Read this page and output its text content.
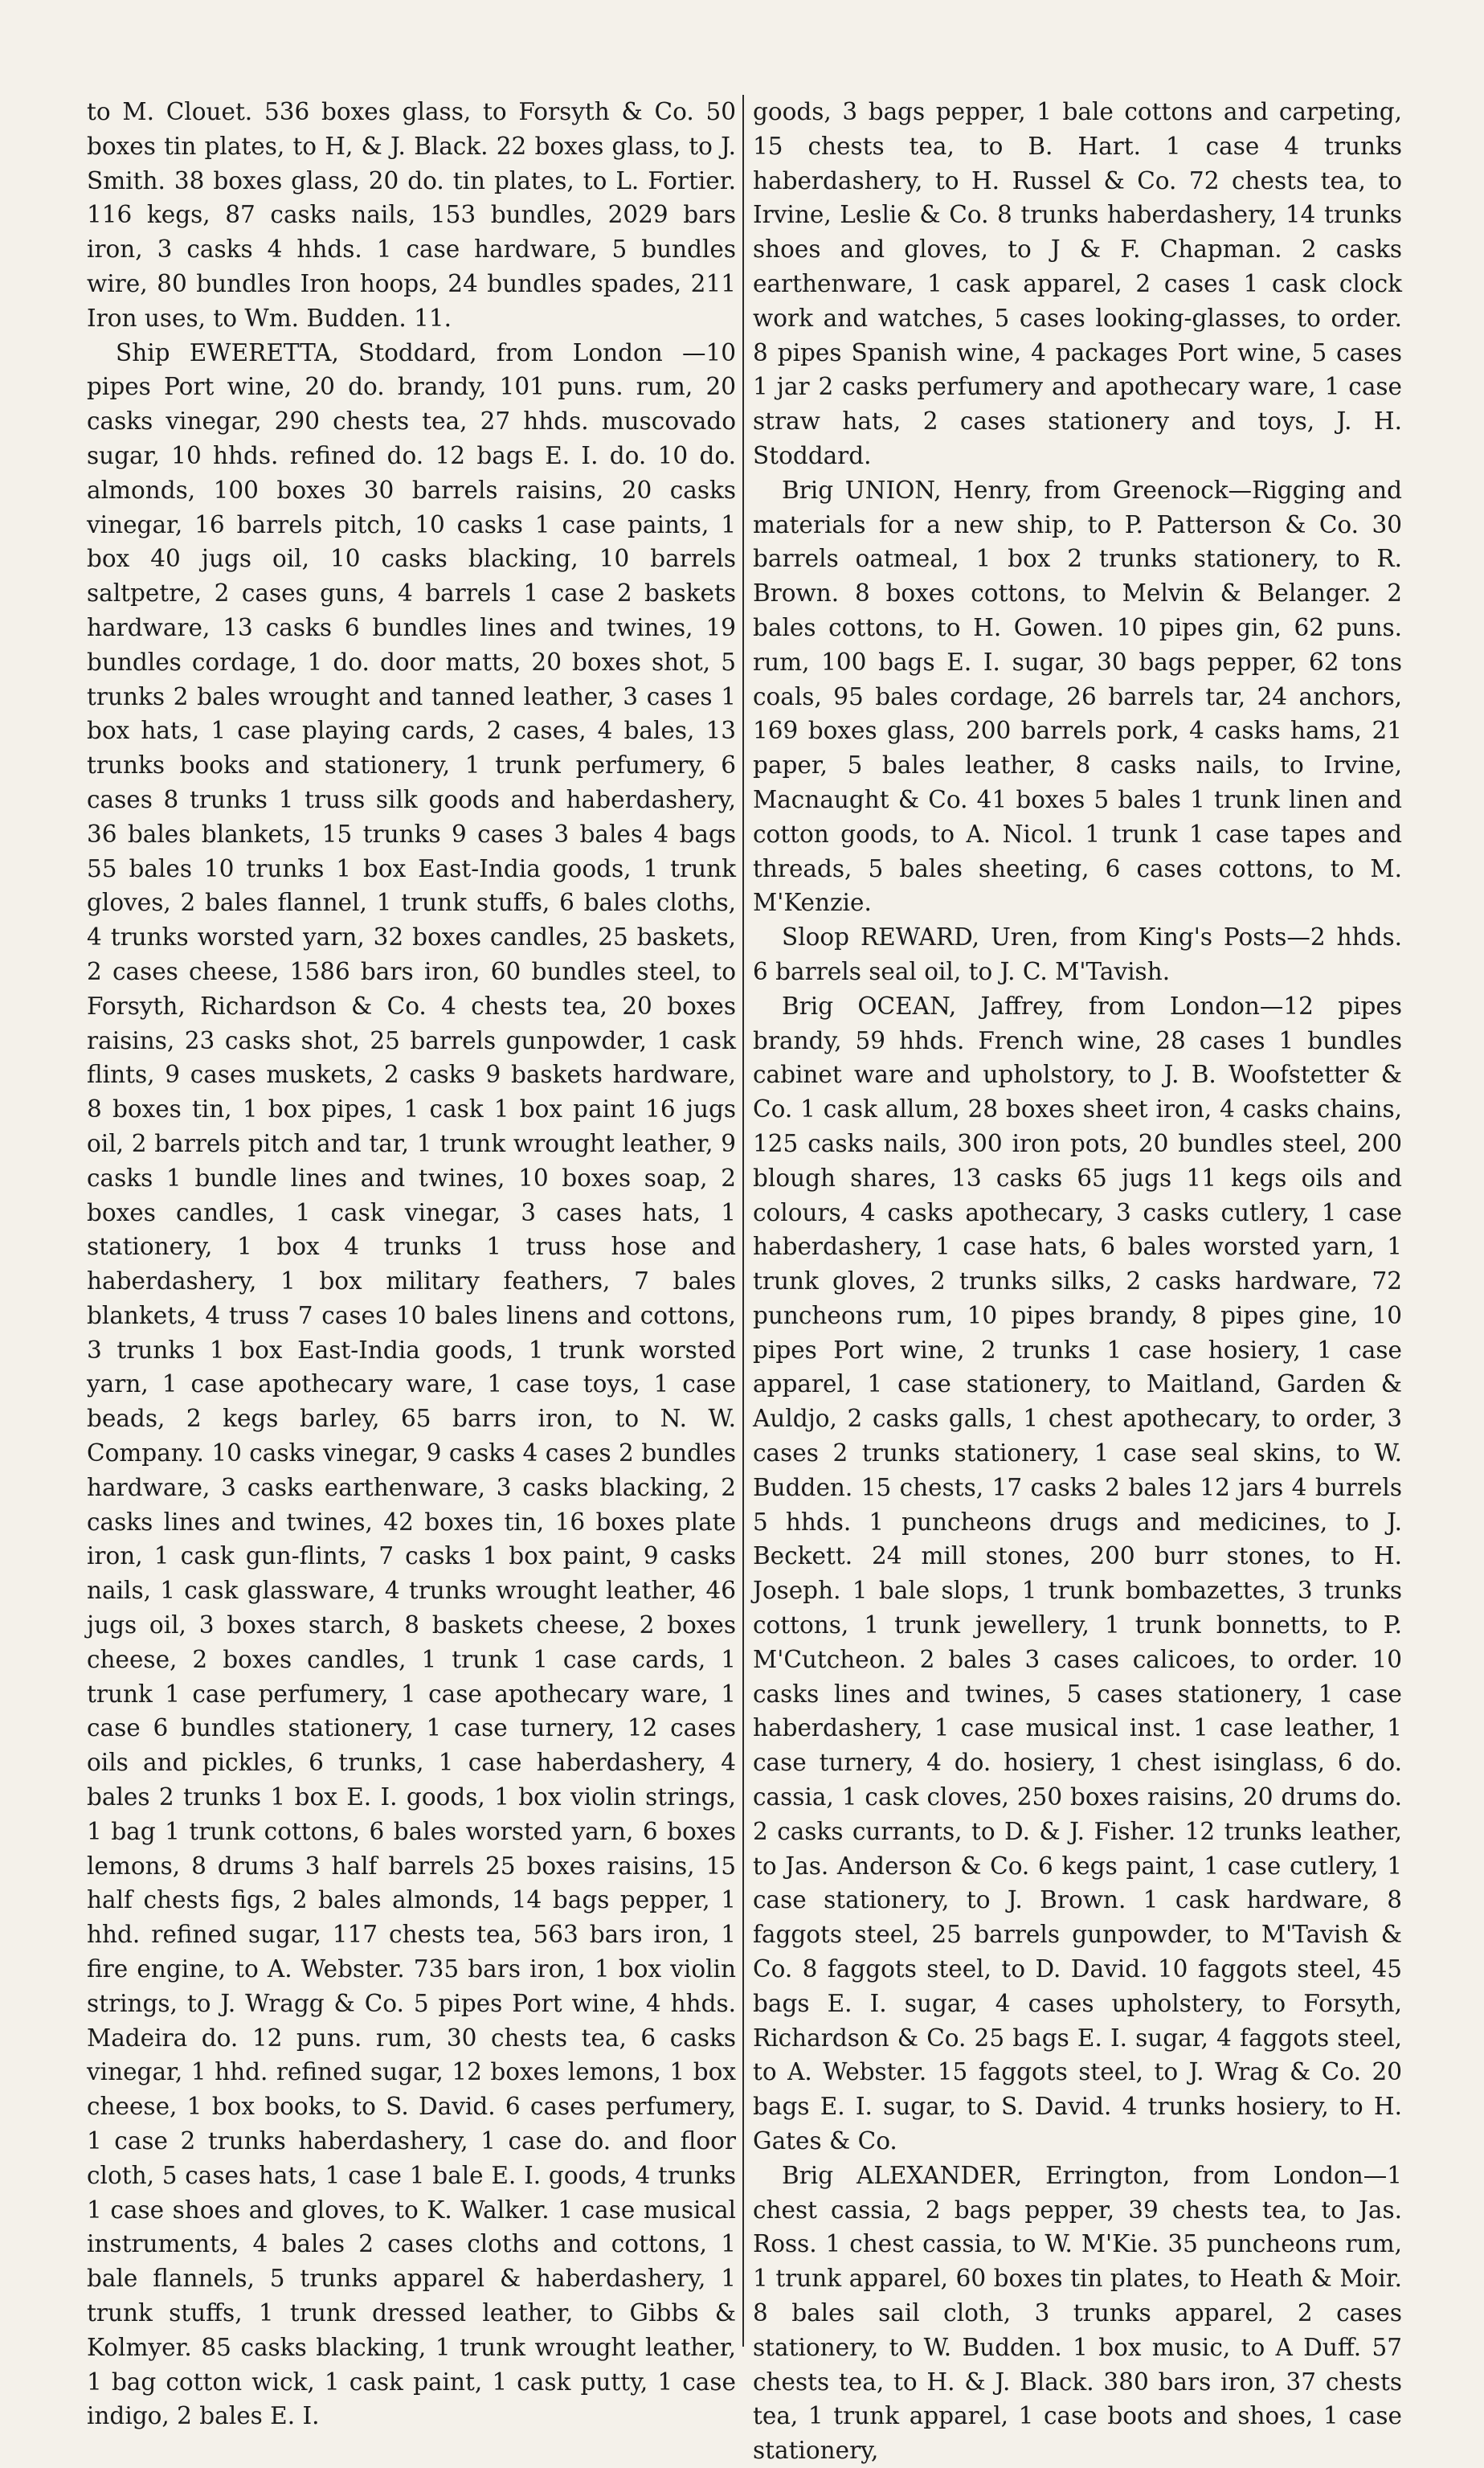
to M. Clouet. 536 boxes glass, to Forsyth & Co. 50 boxes tin plates, to H, & J. Black. 22 boxes glass, to J. Smith. 38 boxes glass, 20 do. tin plates, to L. Fortier. 116 kegs, 87 casks nails, 153 bundles, 2029 bars iron, 3 casks 4 hhds. 1 case hardware, 5 bundles wire, 80 bundles Iron hoops, 24 bundles spades, 211 Iron uses, to Wm. Budden. 11.

Ship EWERETTA, Stoddard, from London —10 pipes Port wine, 20 do. brandy, 101 puns. rum, 20 casks vinegar, 290 chests tea, 27 hhds. muscovado sugar, 10 hhds. refined do. 12 bags E. I. do. 10 do. almonds, 100 boxes 30 barrels raisins, 20 casks vinegar, 16 barrels pitch, 10 casks 1 case paints, 1 box 40 jugs oil, 10 casks blacking, 10 barrels saltpetre, 2 cases guns, 4 barrels 1 case 2 baskets hardware, 13 casks 6 bundles lines and twines, 19 bundles cordage, 1 do. door matts, 20 boxes shot, 5 trunks 2 bales wrought and tanned leather, 3 cases 1 box hats, 1 case playing cards, 2 cases, 4 bales, 13 trunks books and stationery, 1 trunk perfumery, 6 cases 8 trunks 1 truss silk goods and haberdashery, 36 bales blankets, 15 trunks 9 cases 3 bales 4 bags 55 bales 10 trunks 1 box East-India goods, 1 trunk gloves, 2 bales flannel, 1 trunk stuffs, 6 bales cloths, 4 trunks worsted yarn, 32 boxes candles, 25 baskets, 2 cases cheese, 1586 bars iron, 60 bundles steel, to Forsyth, Richardson & Co. 4 chests tea, 20 boxes raisins, 23 casks shot, 25 barrels gunpowder, 1 cask flints, 9 cases muskets, 2 casks 9 baskets hardware, 8 boxes tin, 1 box pipes, 1 cask 1 box paint 16 jugs oil, 2 barrels pitch and tar, 1 trunk wrought leather, 9 casks 1 bundle lines and twines, 10 boxes soap, 2 boxes candles, 1 cask vinegar, 3 cases hats, 1 stationery, 1 box 4 trunks 1 truss hose and haberdashery, 1 box military feathers, 7 bales blankets, 4 truss 7 cases 10 bales linens and cottons, 3 trunks 1 box East-India goods, 1 trunk worsted yarn, 1 case apothecary ware, 1 case toys, 1 case beads, 2 kegs barley, 65 barrs iron, to N. W. Company. 10 casks vinegar, 9 casks 4 cases 2 bundles hardware, 3 casks earthenware, 3 casks blacking, 2 casks lines and twines, 42 boxes tin, 16 boxes plate iron, 1 cask gun-flints, 7 casks 1 box paint, 9 casks nails, 1 cask glassware, 4 trunks wrought leather, 46 jugs oil, 3 boxes starch, 8 baskets cheese, 2 boxes cheese, 2 boxes candles, 1 trunk 1 case cards, 1 trunk 1 case perfumery, 1 case apothecary ware, 1 case 6 bundles stationery, 1 case turnery, 12 cases oils and pickles, 6 trunks, 1 case haberdashery, 4 bales 2 trunks 1 box E. I. goods, 1 box violin strings, 1 bag 1 trunk cottons, 6 bales worsted yarn, 6 boxes lemons, 8 drums 3 half barrels 25 boxes raisins, 15 half chests figs, 2 bales almonds, 14 bags pepper, 1 hhd. refined sugar, 117 chests tea, 563 bars iron, 1 fire engine, to A. Webster. 735 bars iron, 1 box violin strings, to J. Wragg & Co. 5 pipes Port wine, 4 hhds. Madeira do. 12 puns. rum, 30 chests tea, 6 casks vinegar, 1 hhd. refined sugar, 12 boxes lemons, 1 box cheese, 1 box books, to S. David. 6 cases perfumery, 1 case 2 trunks haberdashery, 1 case do. and floor cloth, 5 cases hats, 1 case 1 bale E. I. goods, 4 trunks 1 case shoes and gloves, to K. Walker. 1 case musical instruments, 4 bales 2 cases cloths and cottons, 1 bale flannels, 5 trunks apparel & haberdashery, 1 trunk stuffs, 1 trunk dressed leather, to Gibbs & Kolmyer. 85 casks blacking, 1 trunk wrought leather, 1 bag cotton wick, 1 cask paint, 1 cask putty, 1 case indigo, 2 bales E. I.

goods, 3 bags pepper, 1 bale cottons and carpeting, 15 chests tea, to B. Hart. 1 case 4 trunks haberdashery, to H. Russel & Co. 72 chests tea, to Irvine, Leslie & Co. 8 trunks haberdashery, 14 trunks shoes and gloves, to J & F. Chapman. 2 casks earthenware, 1 cask apparel, 2 cases 1 cask clock work and watches, 5 cases looking-glasses, to order. 8 pipes Spanish wine, 4 packages Port wine, 5 cases 1 jar 2 casks perfumery and apothecary ware, 1 case straw hats, 2 cases stationery and toys, J. H. Stoddard.

Brig UNION, Henry, from Greenock—Rigging and materials for a new ship, to P. Patterson & Co. 30 barrels oatmeal, 1 box 2 trunks stationery, to R. Brown. 8 boxes cottons, to Melvin & Belanger. 2 bales cottons, to H. Gowen. 10 pipes gin, 62 puns. rum, 100 bags E. I. sugar, 30 bags pepper, 62 tons coals, 95 bales cordage, 26 barrels tar, 24 anchors, 169 boxes glass, 200 barrels pork, 4 casks hams, 21 paper, 5 bales leather, 8 casks nails, to Irvine, Macnaught & Co. 41 boxes 5 bales 1 trunk linen and cotton goods, to A. Nicol. 1 trunk 1 case tapes and threads, 5 bales sheeting, 6 cases cottons, to M. M'Kenzie.

Sloop REWARD, Uren, from King's Posts—2 hhds. 6 barrels seal oil, to J. C. M'Tavish.

Brig OCEAN, Jaffrey, from London—12 pipes brandy, 59 hhds. French wine, 28 cases 1 bundles cabinet ware and upholstory, to J. B. Woofstetter & Co. 1 cask allum, 28 boxes sheet iron, 4 casks chains, 125 casks nails, 300 iron pots, 20 bundles steel, 200 blough shares, 13 casks 65 jugs 11 kegs oils and colours, 4 casks apothecary, 3 casks cutlery, 1 case haberdashery, 1 case hats, 6 bales worsted yarn, 1 trunk gloves, 2 trunks silks, 2 casks hardware, 72 puncheons rum, 10 pipes brandy, 8 pipes gine, 10 pipes Port wine, 2 trunks 1 case hosiery, 1 case apparel, 1 case stationery, to Maitland, Garden & Auldjo, 2 casks galls, 1 chest apothecary, to order, 3 cases 2 trunks stationery, 1 case seal skins, to W. Budden. 15 chests, 17 casks 2 bales 12 jars 4 burrels 5 hhds. 1 puncheons drugs and medicines, to J. Beckett. 24 mill stones, 200 burr stones, to H. Joseph. 1 bale slops, 1 trunk bombazettes, 3 trunks cottons, 1 trunk jewellery, 1 trunk bonnetts, to P. M'Cutcheon. 2 bales 3 cases calicoes, to order. 10 casks lines and twines, 5 cases stationery, 1 case haberdashery, 1 case musical inst. 1 case leather, 1 case turnery, 4 do. hosiery, 1 chest isinglass, 6 do. cassia, 1 cask cloves, 250 boxes raisins, 20 drums do. 2 casks currants, to D. & J. Fisher. 12 trunks leather, to Jas. Anderson & Co. 6 kegs paint, 1 case cutlery, 1 case stationery, to J. Brown. 1 cask hardware, 8 faggots steel, 25 barrels gunpowder, to M'Tavish & Co. 8 faggots steel, to D. David. 10 faggots steel, 45 bags E. I. sugar, 4 cases upholstery, to Forsyth, Richardson & Co. 25 bags E. I. sugar, 4 faggots steel, to A. Webster. 15 faggots steel, to J. Wrag & Co. 20 bags E. I. sugar, to S. David. 4 trunks hosiery, to H. Gates & Co.

Brig ALEXANDER, Errington, from London—1 chest cassia, 2 bags pepper, 39 chests tea, to Jas. Ross. 1 chest cassia, to W. M'Kie. 35 puncheons rum, 1 trunk apparel, 60 boxes tin plates, to Heath & Moir. 8 bales sail cloth, 3 trunks apparel, 2 cases stationery, to W. Budden. 1 box music, to A Duff. 57 chests tea, to H. & J. Black. 380 bars iron, 37 chests tea, 1 trunk apparel, 1 case boots and shoes, 1 case stationery,
